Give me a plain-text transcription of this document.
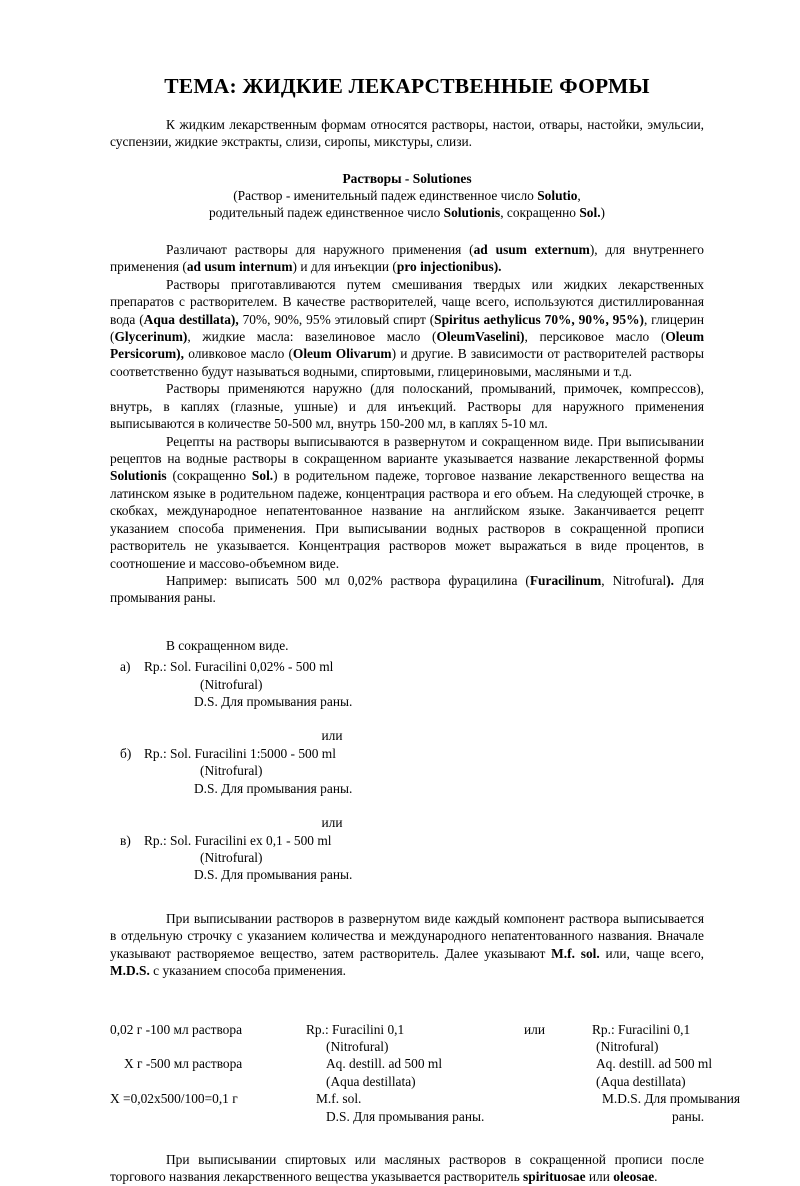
ТЕМА: ЖИДКИЕ ЛЕКАРСТВЕННЫЕ ФОРМЫ

К жидким лекарственным формам относятся растворы, настои, отвары, настойки, эмульсии, суспензии, жидкие экстракты, слизи, сиропы, микстуры, слизи.

Растворы - Solutiones

(Раствор - именительный падеж единственное число Solutio,

родительный падеж единственное число Solutionis, сокращенно Sol.)

Различают растворы для наружного применения (ad usum externum), для внутреннего применения (ad usum internum) и для инъекции (pro injectionibus).

Растворы приготавливаются путем смешивания твердых или жидких лекарственных препаратов с растворителем. В качестве растворителей, чаще всего, используются дистиллированная вода (Aqua destillata), 70%, 90%, 95% этиловый спирт (Spiritus aethylicus 70%, 90%, 95%), глицерин (Glycerinum), жидкие масла: вазелиновое масло (OleumVaselini), персиковое масло (Oleum Persicorum), оливковое масло (Oleum Olivarum) и другие. В зависимости от растворителей растворы соответственно будут называться водными, спиртовыми, глицериновыми, масляными и т.д.

Растворы применяются наружно (для полосканий, промываний, примочек, компрессов), внутрь, в каплях (глазные, ушные) и для инъекций. Растворы для наружного применения выписываются в количестве 50-500 мл, внутрь 150-200 мл, в каплях 5-10 мл.

Рецепты на растворы выписываются в развернутом и сокращенном виде. При выписывании рецептов на водные растворы в сокращенном варианте указывается название лекарственной формы Solutionis (сокращенно Sol.) в родительном падеже, торговое название лекарственного вещества на латинском языке в родительном падеже, концентрация раствора и его объем. На следующей строчке, в скобках, международное непатентованное название на английском языке. Заканчивается рецепт указанием способа применения. При выписывании водных растворов в сокращенной прописи растворитель не указывается. Концентрация растворов может выражаться в виде процентов, в соотношение и массово-объемном виде.

Например: выписать 500 мл 0,02% раствора фурацилина (Furacilinum, Nitrofural). Для промывания раны.

В сокращенном виде.

а)	Rp.: Sol. Furacilini 0,02% - 500 ml
(Nitrofural)
D.S. Для промывания раны.

или

б) Rp.: Sol. Furacilini 1:5000 - 500 ml
(Nitrofural)
D.S. Для промывания раны.

или

в) Rp.: Sol. Furacilini ex 0,1 - 500 ml
(Nitrofural)
D.S. Для промывания раны.

При выписывании растворов в развернутом виде каждый компонент раствора выписывается в отдельную строчку с указанием количества и международного непатентованного названия. Вначале указывают растворяемое вещество, затем растворитель. Далее указывают M.f. sol. или, чаще всего, M.D.S. с указанием способа применения.

0,02 г -100 мл раствора

X г -500 мл раствора

X =0,02x500/100=0,1 г

Rp.: Furacilini 0,1

(Nitrofural)

Aq. destill. ad 500 ml

(Aqua destillata)

M.f. sol.

D.S. Для промывания раны.

или	Rp.: Furacilini 0,1

(Nitrofural)

Aq. destill. ad 500 ml

(Aqua destillata)

M.D.S. Для промывания

раны.

При выписывании спиртовых или масляных растворов в сокращенной прописи после торгового названия лекарственного вещества указывается растворитель spirituosae или oleosae.
